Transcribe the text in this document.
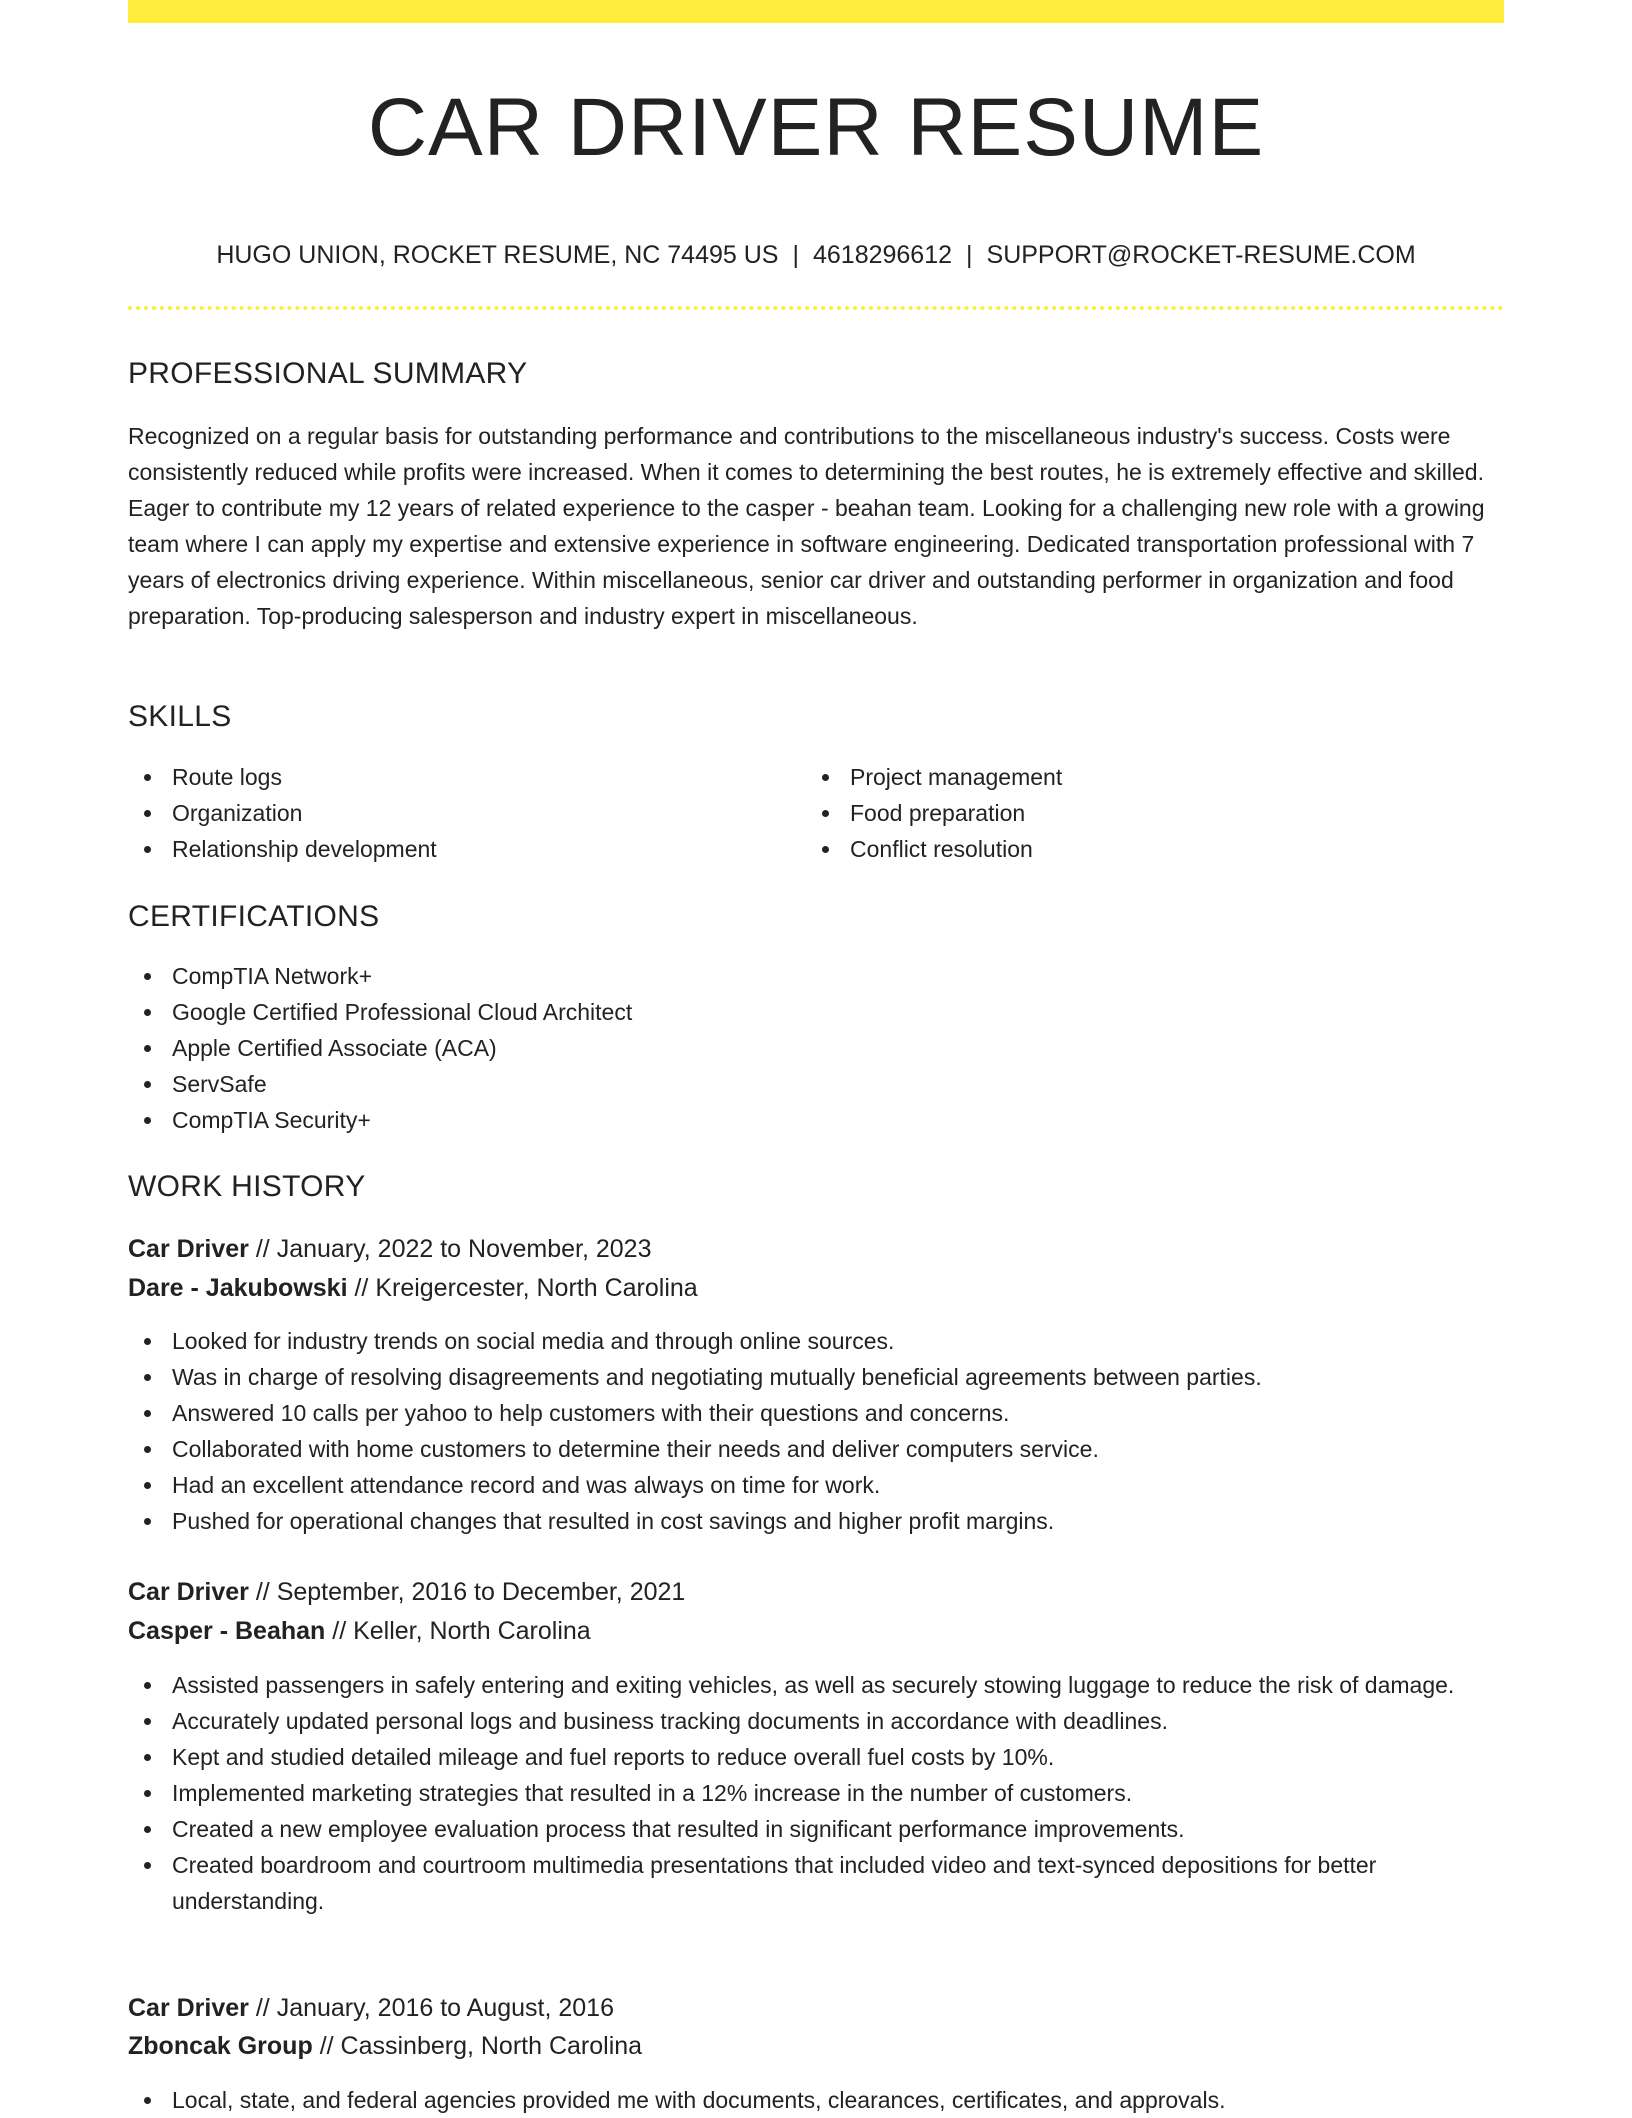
CAR DRIVER RESUME
HUGO UNION, ROCKET RESUME, NC 74495 US | 4618296612 | SUPPORT@ROCKET-RESUME.COM
PROFESSIONAL SUMMARY

Recognized on a regular basis for outstanding performance and contributions to the miscellaneous industry's success. Costs were consistently reduced while profits were increased. When it comes to determining the best routes, he is extremely effective and skilled. Eager to contribute my 12 years of related experience to the casper - beahan team. Looking for a challenging new role with a growing team where I can apply my expertise and extensive experience in software engineering. Dedicated transportation professional with 7 years of electronics driving experience. Within miscellaneous, senior car driver and outstanding performer in organization and food preparation. Top-producing salesperson and industry expert in miscellaneous.

SKILLS
Route logs
Organization
Relationship development
Project management
Food preparation
Conflict resolution
CERTIFICATIONS
CompTIA Network+
Google Certified Professional Cloud Architect
Apple Certified Associate (ACA)
ServSafe
CompTIA Security+
WORK HISTORY
Car Driver // January, 2022 to November, 2023
Dare - Jakubowski // Kreigercester, North Carolina
Looked for industry trends on social media and through online sources.
Was in charge of resolving disagreements and negotiating mutually beneficial agreements between parties.
Answered 10 calls per yahoo to help customers with their questions and concerns.
Collaborated with home customers to determine their needs and deliver computers service.
Had an excellent attendance record and was always on time for work.
Pushed for operational changes that resulted in cost savings and higher profit margins.
Car Driver // September, 2016 to December, 2021
Casper - Beahan // Keller, North Carolina
Assisted passengers in safely entering and exiting vehicles, as well as securely stowing luggage to reduce the risk of damage.
Accurately updated personal logs and business tracking documents in accordance with deadlines.
Kept and studied detailed mileage and fuel reports to reduce overall fuel costs by 10%.
Implemented marketing strategies that resulted in a 12% increase in the number of customers.
Created a new employee evaluation process that resulted in significant performance improvements.
Created boardroom and courtroom multimedia presentations that included video and text-synced depositions for better understanding.
Car Driver // January, 2016 to August, 2016
Zboncak Group // Cassinberg, North Carolina
Local, state, and federal agencies provided me with documents, clearances, certificates, and approvals.
